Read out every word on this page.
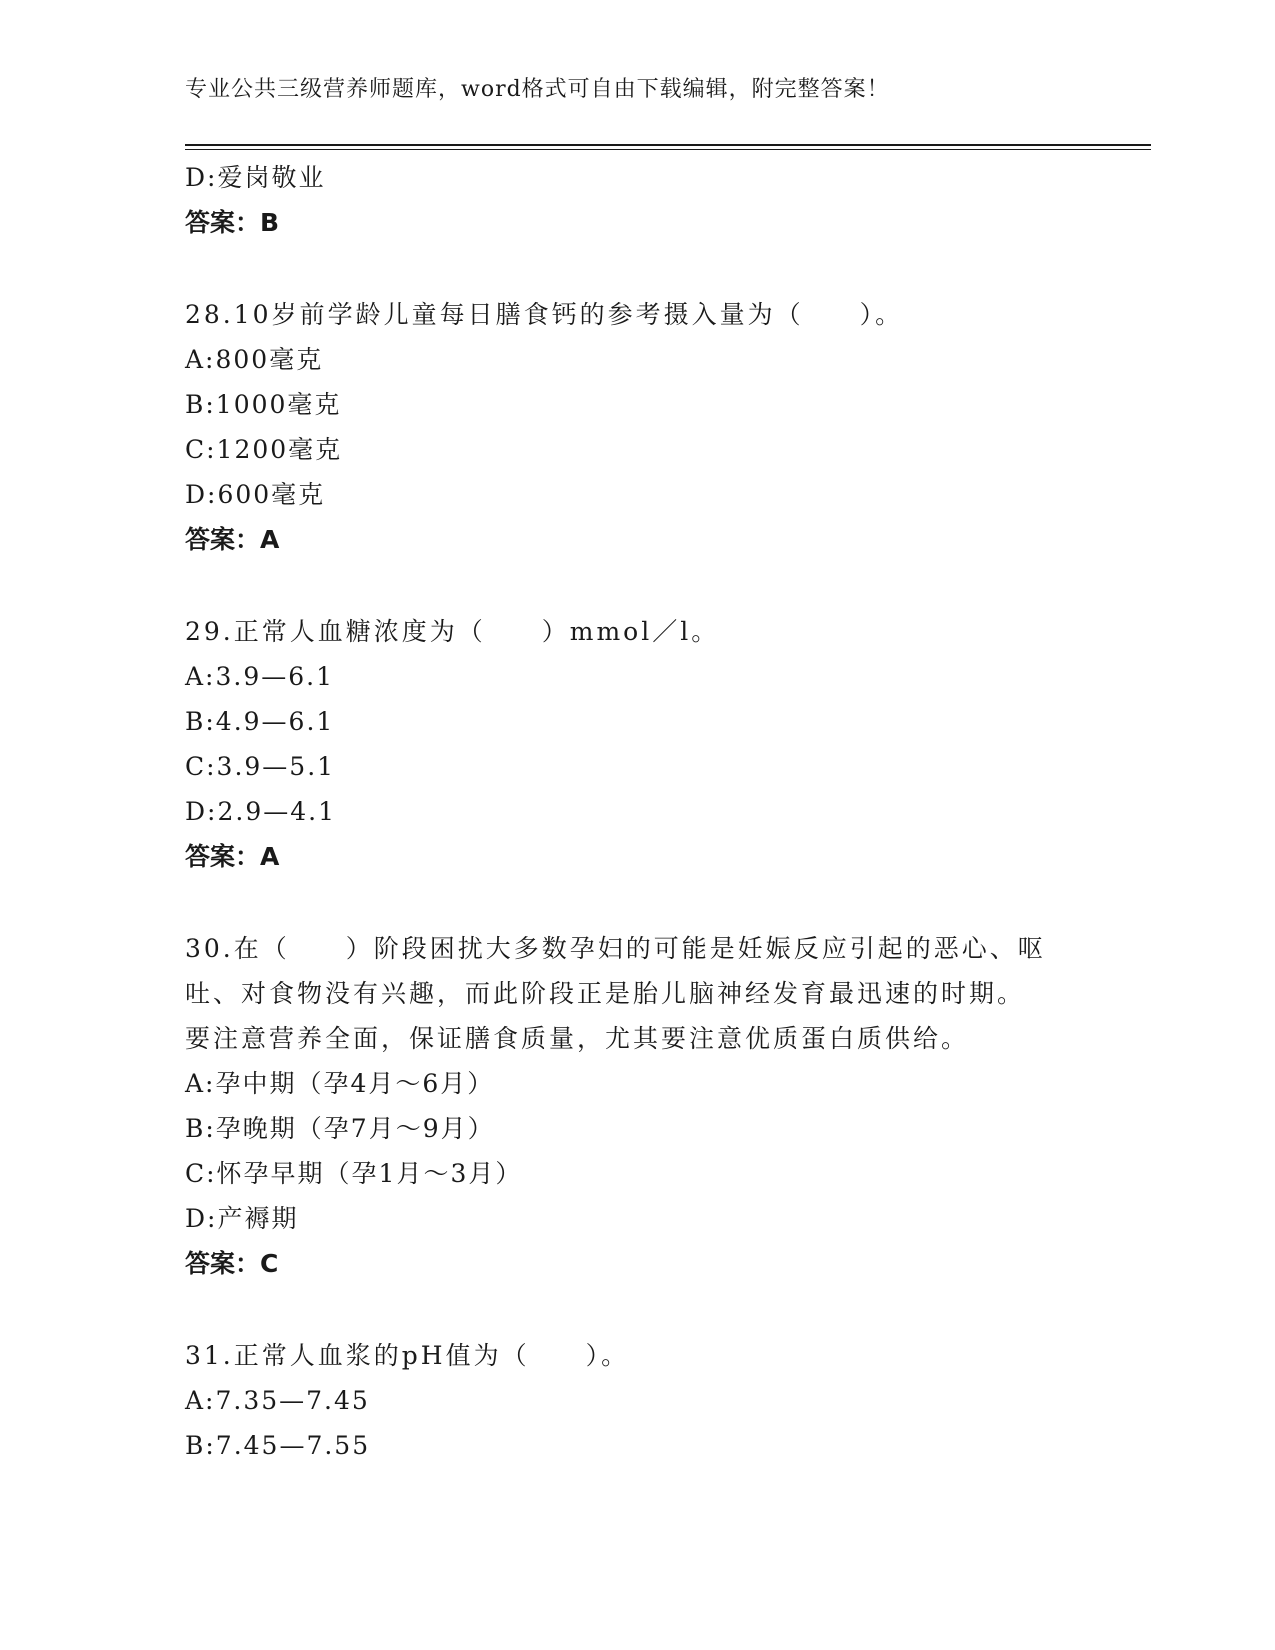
专业公共三级营养师题库，word格式可自由下载编辑，附完整答案！
D:爱岗敬业
答案：B
28.10岁前学龄儿童每日膳食钙的参考摄入量为（　　）。
A:800毫克
B:1000毫克
C:1200毫克
D:600毫克
答案：A
29.正常人血糖浓度为（　　）mmol／l。
A:3.9—6.1
B:4.9—6.1
C:3.9—5.1
D:2.9—4.1
答案：A
30.在（　　）阶段困扰大多数孕妇的可能是妊娠反应引起的恶心、呕
吐、对食物没有兴趣，而此阶段正是胎儿脑神经发育最迅速的时期。
要注意营养全面，保证膳食质量，尤其要注意优质蛋白质供给。
A:孕中期（孕4月～6月）
B:孕晚期（孕7月～9月）
C:怀孕早期（孕1月～3月）
D:产褥期
答案：C
31.正常人血浆的pH值为（　　）。
A:7.35—7.45
B:7.45—7.55
